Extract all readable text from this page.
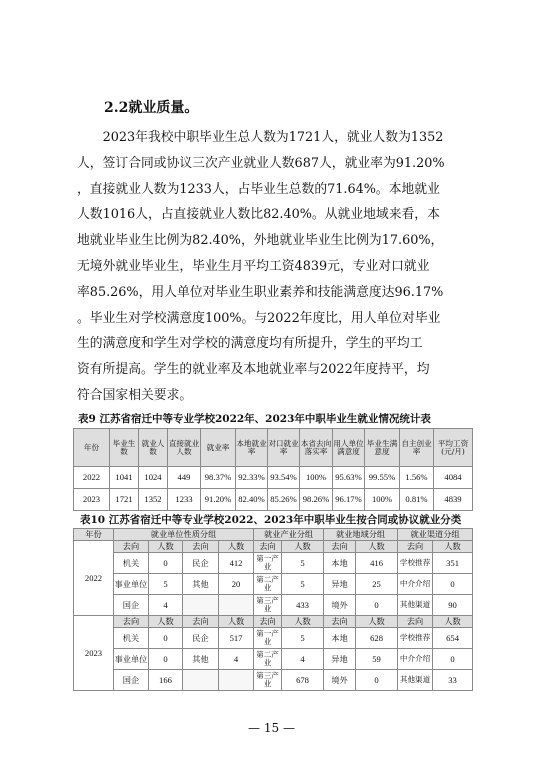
2.2就业质量。

　　2023年我校中职毕业生总人数为1721人，就业人数为1352
人，签订合同或协议三次产业就业人数687人，就业率为91.20%
，直接就业人数为1233人，占毕业生总数的71.64%。本地就业
人数1016人，占直接就业人数比82.40%。从就业地域来看，本
地就业毕业生比例为82.40%，外地就业毕业生比例为17.60%，
无境外就业毕业生，毕业生月平均工资4839元，专业对口就业
率85.26%，用人单位对毕业生职业素养和技能满意度达96.17%
。毕业生对学校满意度100%。与2022年度比，用人单位对毕业
生的满意度和学生对学校的满意度均有所提升，学生的平均工
资有所提高。学生的就业率及本地就业率与2022年度持平，均
符合国家相关要求。

表9 江苏省宿迁中等专业学校2022年、2023年中职毕业生就业情况统计表
年份	毕业生数	就业人数	直接就业人数	就业率	本地就业率	对口就业率	本省去向落实率	用人单位满意度	毕业生满意度	自主创业率	平均工资(元/月)
2022	1041	1024	449	98.37%	92.33%	93.54%	100%	95.63%	99.55%	1.56%	4084
2023	1721	1352	1233	91.20%	82.40%	85.26%	98.26%	96.17%	100%	0.81%	4839
表10 江苏省宿迁中等专业学校2022、2023年中职毕业生按合同或协议就业分类
年份	就业单位性质分组				就业产业分组		就业地域分组		就业渠道分组	
2022	去向	人数	去向	人数	去向	人数	去向	人数	去向	人数
	机关	0	民企	412	第一产业	5	本地	416	学校推荐	351
	事业单位	5	其他	20	第二产业	5	异地	25	中介介绍	0
	国企	4			第三产业	433	境外	0	其他渠道	90
2023	去向	人数	去向	人数	去向	人数	去向	人数	去向	人数
	机关	0	民企	517	第一产业	5	本地	628	学校推荐	654
	事业单位	0	其他	4	第二产业	4	异地	59	中介介绍	0
	国企	166			第三产业	678	境外	0	其他渠道	33
— 15 —
